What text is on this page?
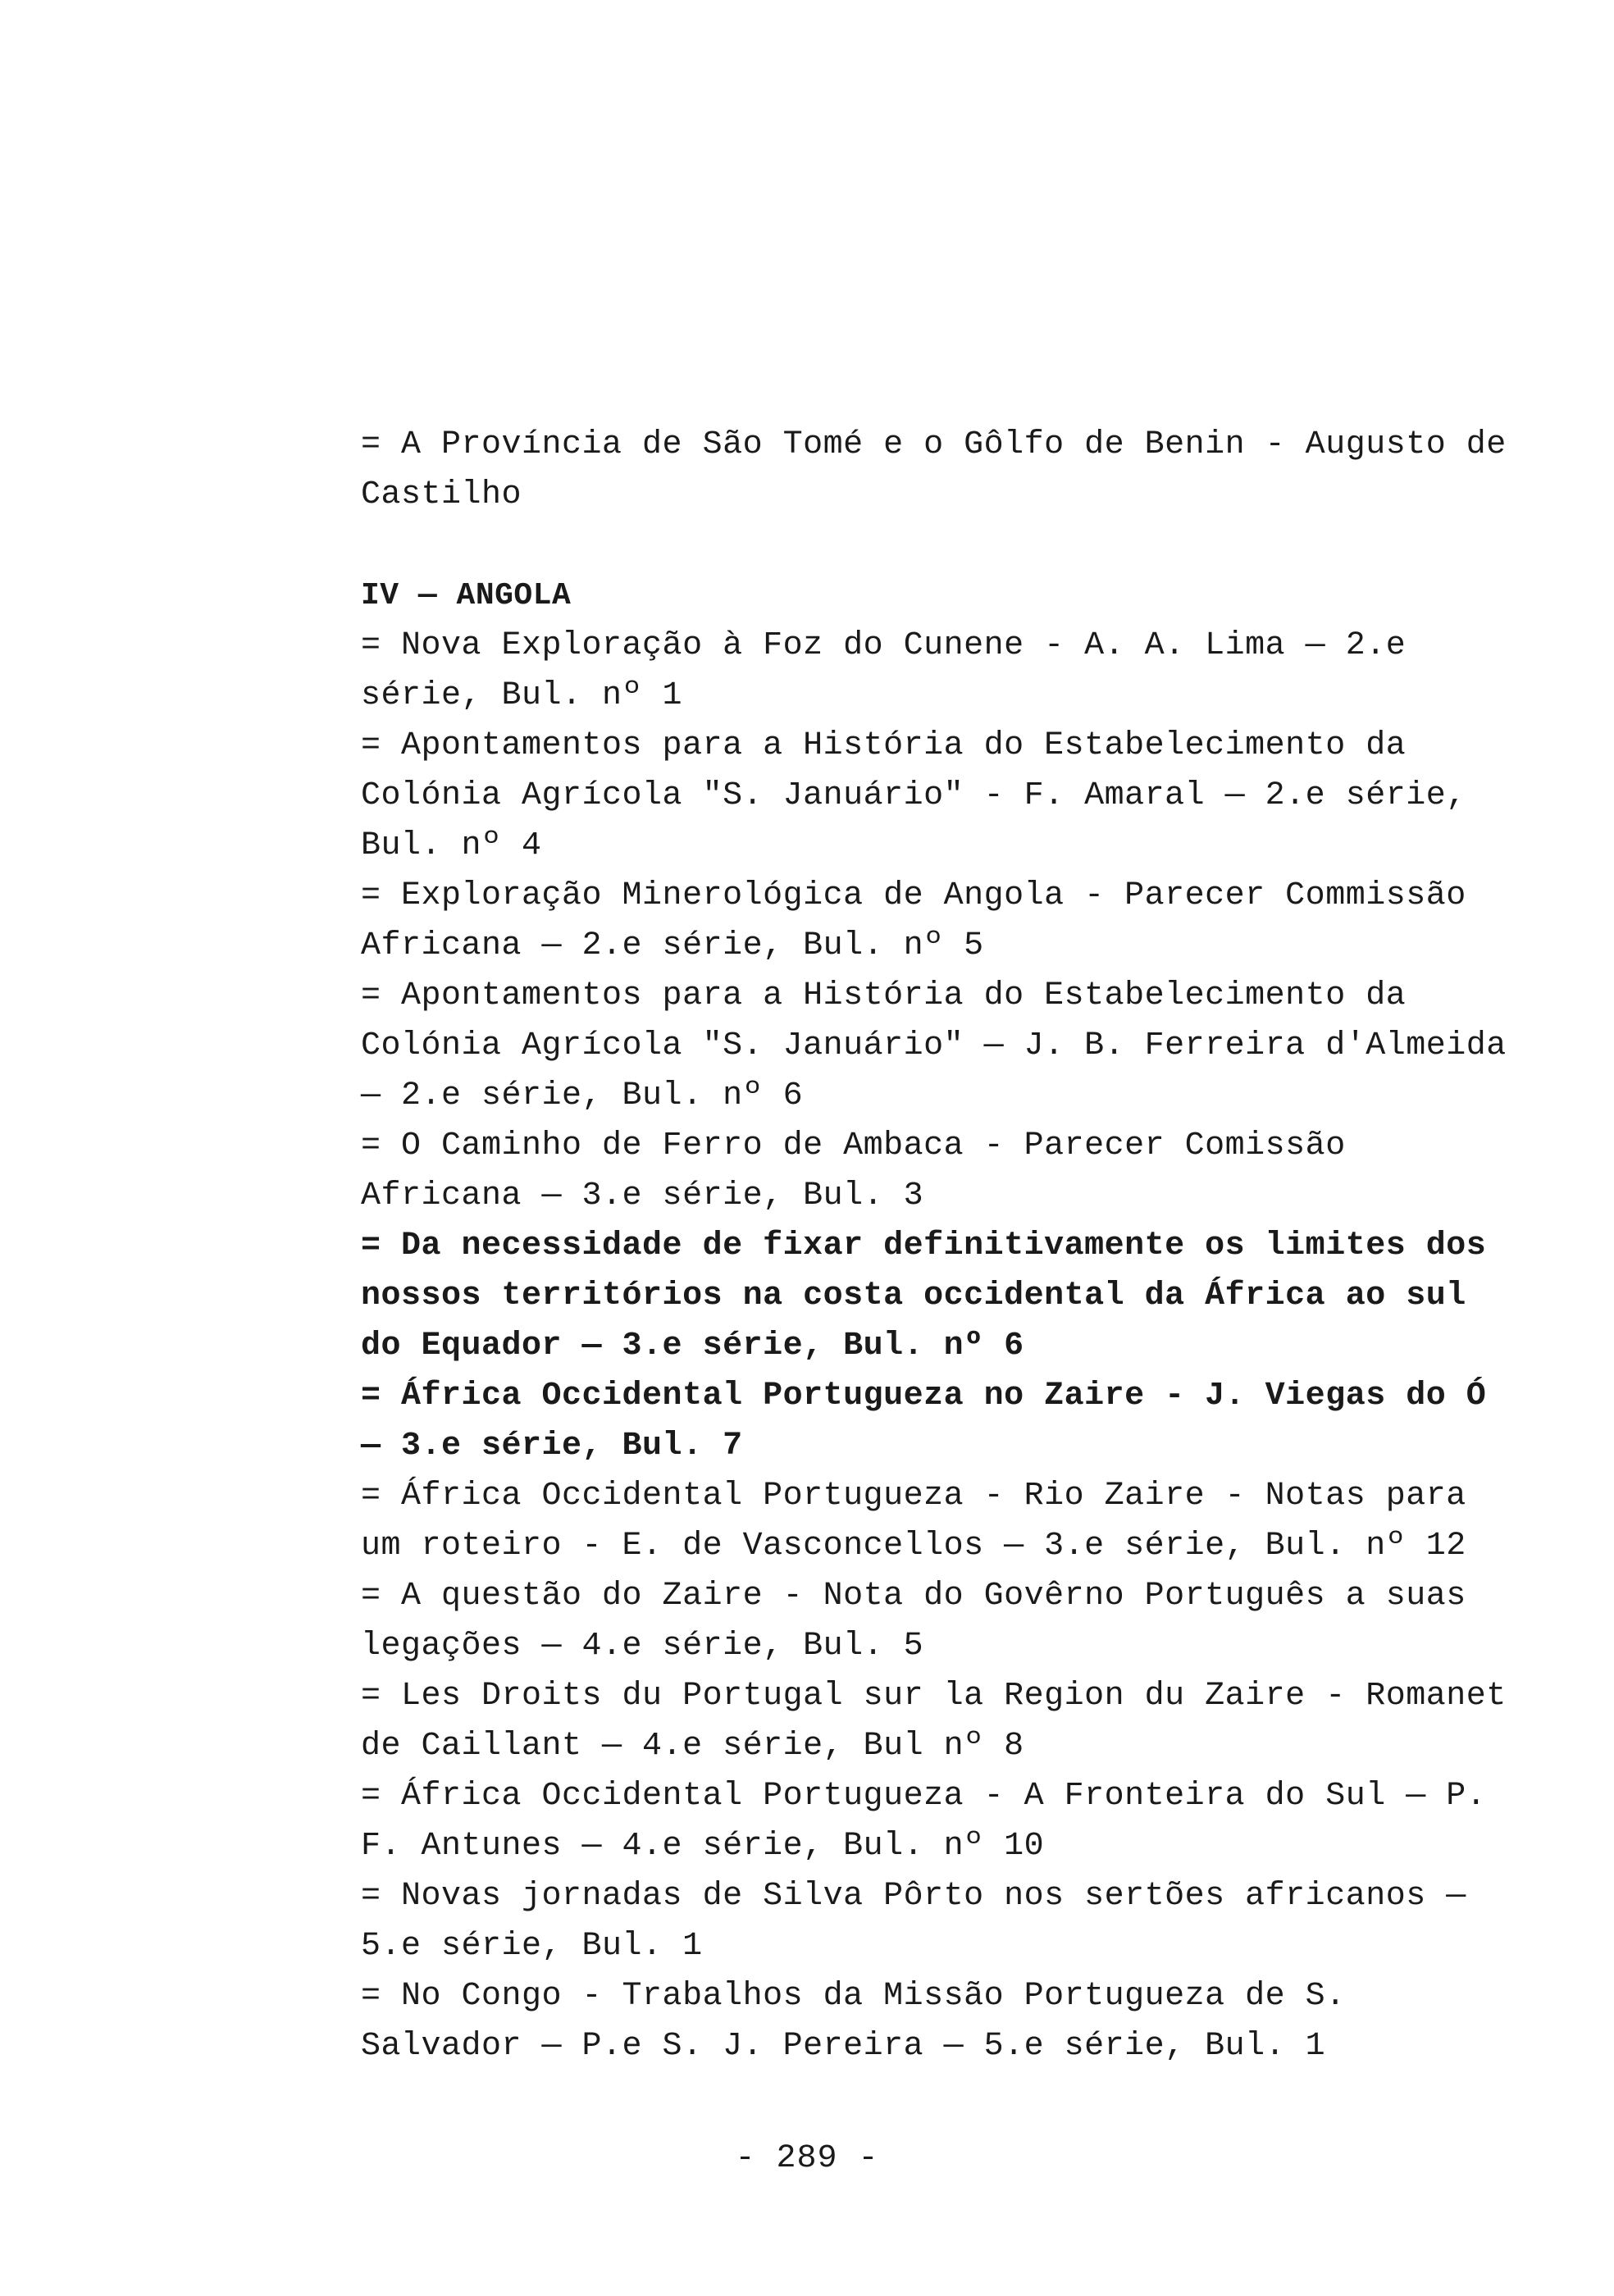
= A Província de São Tomé e o Gôlfo de Benin - Augusto de Castilho

IV — ANGOLA

= Nova Exploração à Foz do Cunene - A. A. Lima — 2.e série, Bul. nº 1

= Apontamentos para a História do Estabelecimento da Colónia Agrícola "S. Januário" - F. Amaral — 2.e série, Bul. nº 4

= Exploração Minerológica de Angola - Parecer Commissão Africana — 2.e série, Bul. nº 5

= Apontamentos para a História do Estabelecimento da Colónia Agrícola "S. Januário" — J. B. Ferreira d'Almeida — 2.e série, Bul. nº 6

= O Caminho de Ferro de Ambaca - Parecer Comissão Africana — 3.e série, Bul. 3

= Da necessidade de fixar definitivamente os limites dos nossos territórios na costa occidental da África ao sul do Equador — 3.e série, Bul. nº 6

= África Occidental Portugueza no Zaire - J. Viegas do Ó — 3.e série, Bul. 7

= África Occidental Portugueza - Rio Zaire - Notas para um roteiro - E. de Vasconcellos — 3.e série, Bul. nº 12

= A questão do Zaire - Nota do Govêrno Português a suas legações — 4.e série, Bul. 5

= Les Droits du Portugal sur la Region du Zaire - Romanet de Caillant — 4.e série, Bul nº 8

= África Occidental Portugueza - A Fronteira do Sul — P. F. Antunes — 4.e série, Bul. nº 10

= Novas jornadas de Silva Pôrto nos sertões africanos — 5.e série, Bul. 1

= No Congo - Trabalhos da Missão Portugueza de S. Salvador — P.e S. J. Pereira — 5.e série, Bul. 1

- 289 -
